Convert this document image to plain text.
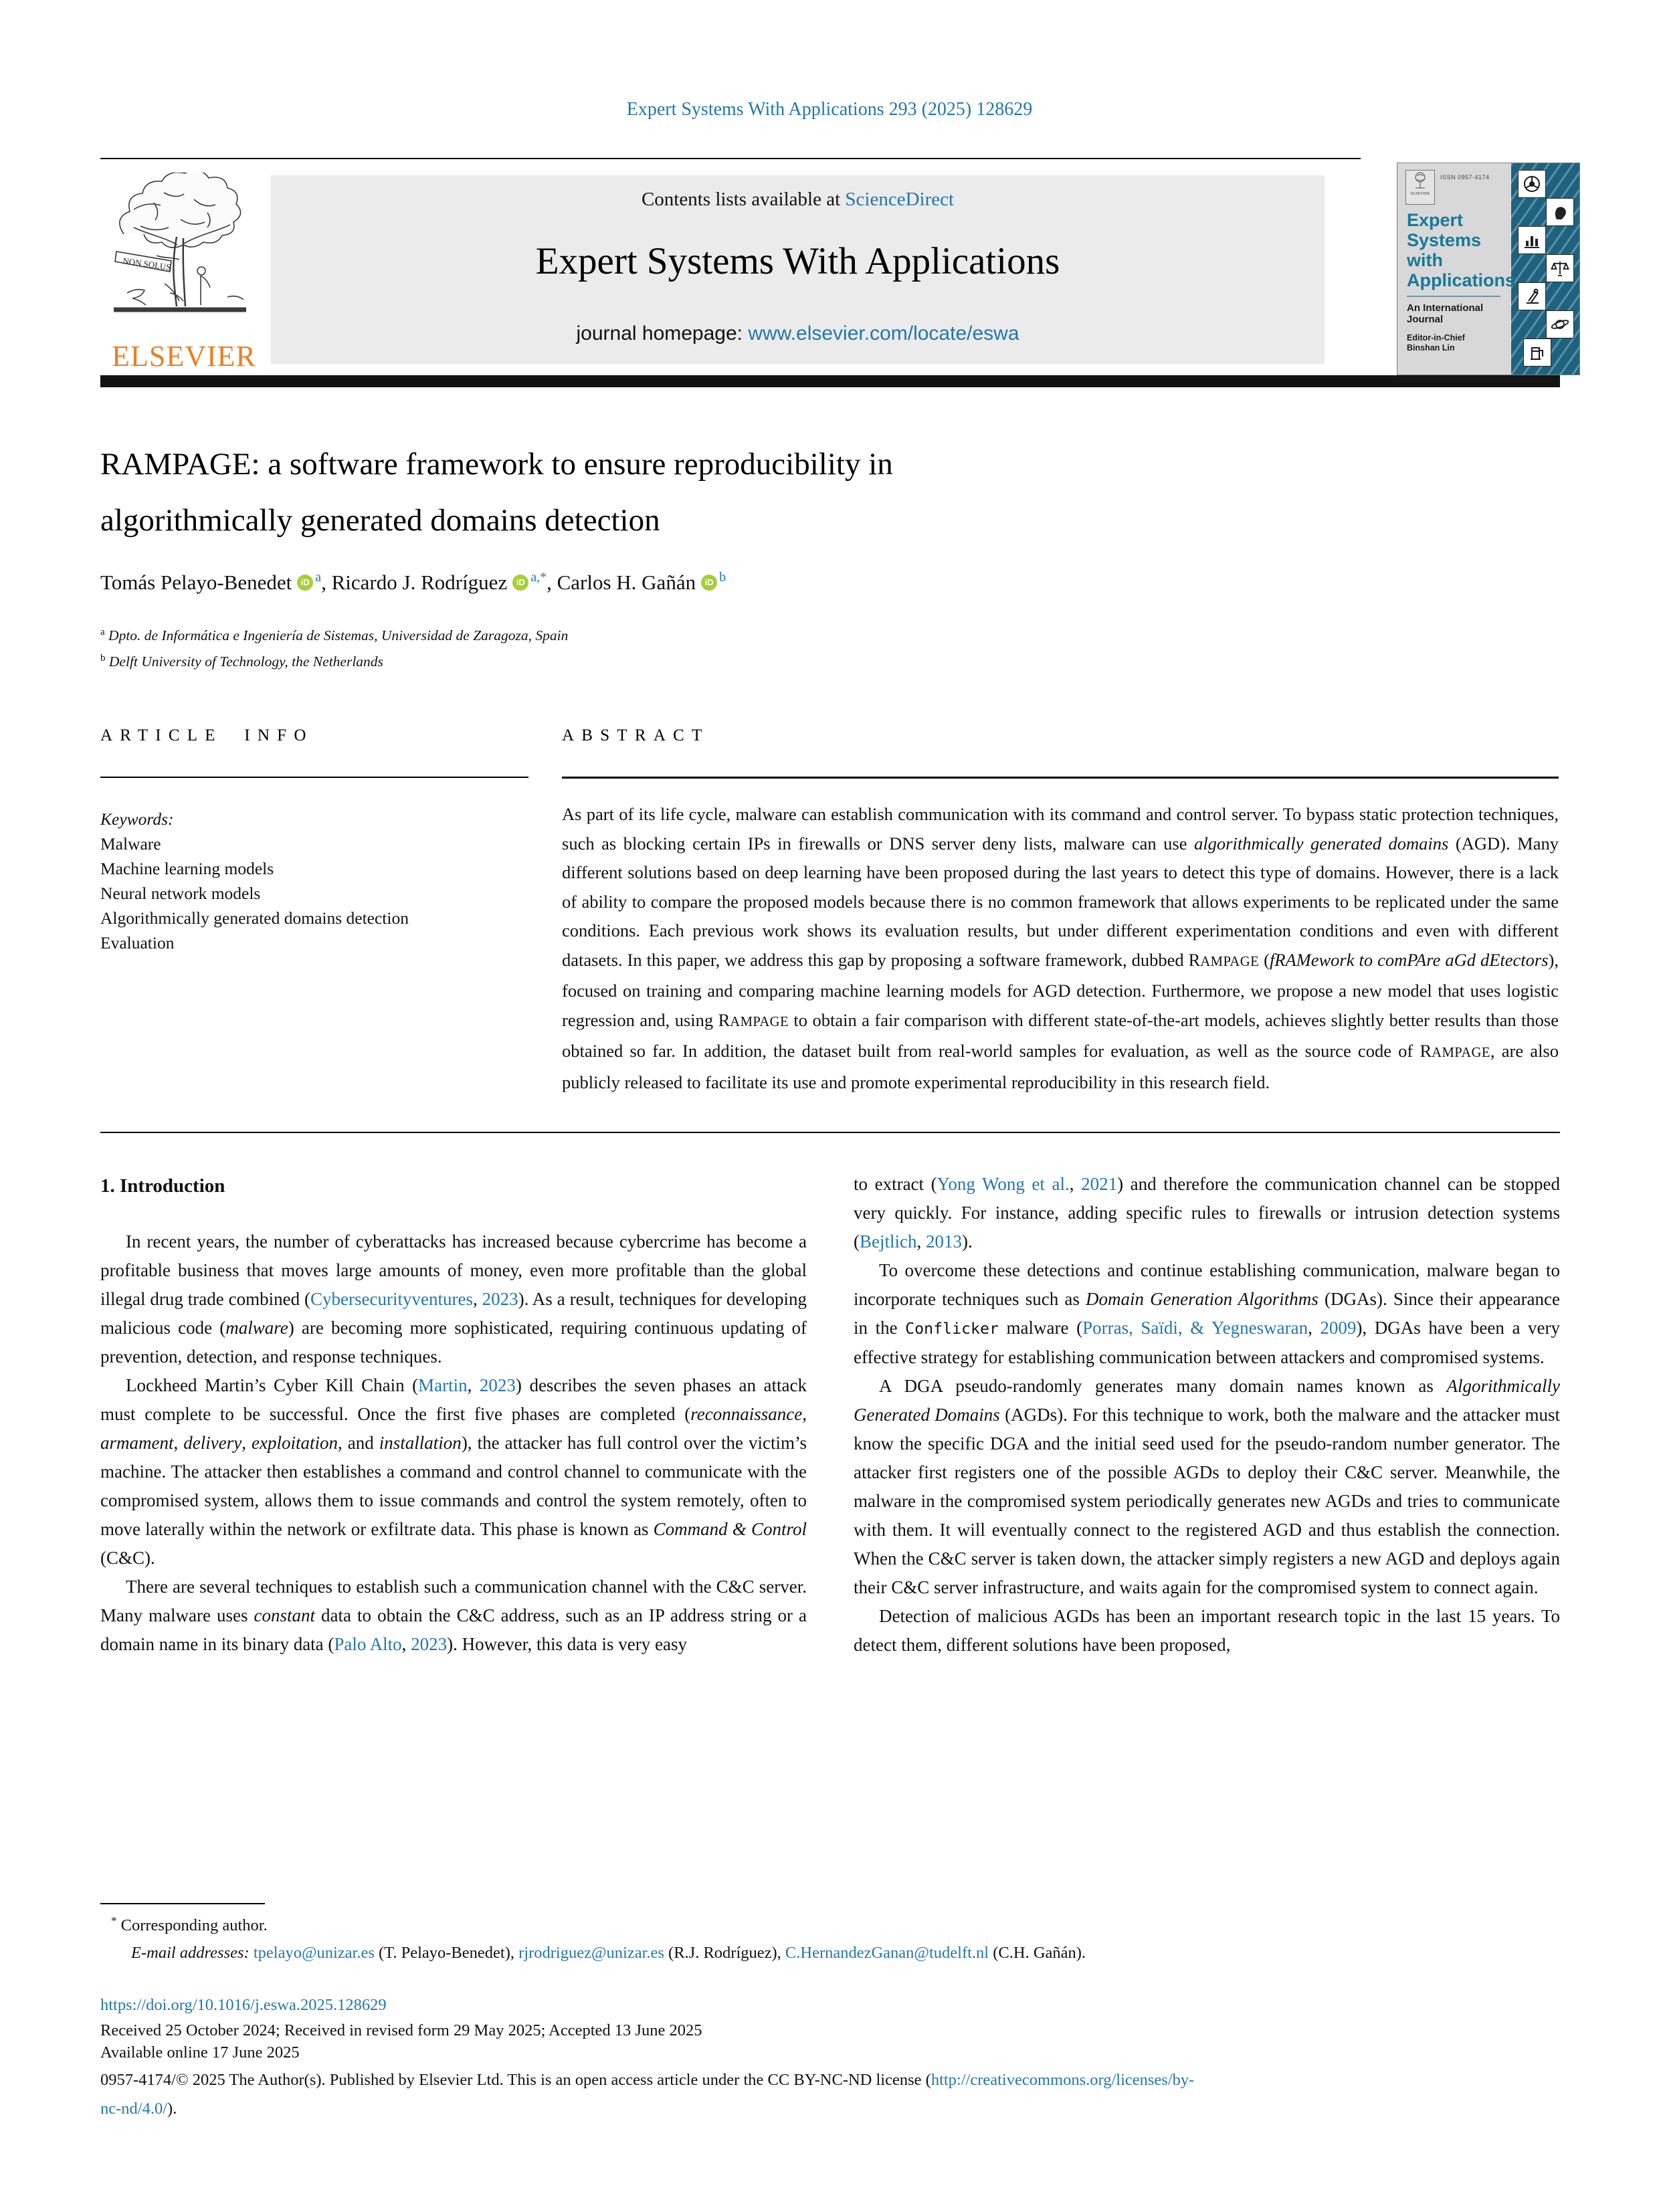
Expert Systems With Applications 293 (2025) 128629
NON SOLUS
ELSEVIER
Contents lists available at ScienceDirect
Expert Systems With Applications
journal homepage: www.elsevier.com/locate/eswa
ELSEVIER
ISSN 0957-4174
Expert
Systems
with
Applications
An International
Journal
Editor-in-Chief
Binshan Lin
RAMPAGE: a software framework to ensure reproducibility in
algorithmically generated domains detection
Tomás Pelayo-Benedet iD $^a$, Ricardo J. Rodríguez iD $^{a,*}$, Carlos H. Gañán iD $^b$
$^a$ Dpto. de Informática e Ingeniería de Sistemas, Universidad de Zaragoza, Spain
$^b$ Delft University of Technology, the Netherlands
ARTICLE INFO	ABSTRACT
Keywords:
Malware
Machine learning models
Neural network models
Algorithmically generated domains detection
Evaluation
As part of its life cycle, malware can establish communication with its command and control server. To bypass static protection techniques, such as blocking certain IPs in firewalls or DNS server deny lists, malware can use algorithmically generated domains (AGD). Many different solutions based on deep learning have been proposed during the last years to detect this type of domains. However, there is a lack of ability to compare the proposed models because there is no common framework that allows experiments to be replicated under the same conditions. Each previous work shows its evaluation results, but under different experimentation conditions and even with different datasets. In this paper, we address this gap by proposing a software framework, dubbed RAMPAGE (fRAMework to comPAre aGd dEtectors), focused on training and comparing machine learning models for AGD detection. Furthermore, we propose a new model that uses logistic regression and, using RAMPAGE to obtain a fair comparison with different state-of-the-art models, achieves slightly better results than those obtained so far. In addition, the dataset built from real-world samples for evaluation, as well as the source code of RAMPAGE, are also publicly released to facilitate its use and promote experimental reproducibility in this research field.
1. Introduction

In recent years, the number of cyberattacks has increased because cybercrime has become a profitable business that moves large amounts of money, even more profitable than the global illegal drug trade combined (Cybersecurityventures, 2023). As a result, techniques for developing malicious code (malware) are becoming more sophisticated, requiring continuous updating of prevention, detection, and response techniques.

Lockheed Martin’s Cyber Kill Chain (Martin, 2023) describes the seven phases an attack must complete to be successful. Once the first five phases are completed (reconnaissance, armament, delivery, exploitation, and installation), the attacker has full control over the victim’s machine. The attacker then establishes a command and control channel to communicate with the compromised system, allows them to issue commands and control the system remotely, often to move laterally within the network or exfiltrate data. This phase is known as Command & Control (C&C).

There are several techniques to establish such a communication channel with the C&C server. Many malware uses constant data to obtain the C&C address, such as an IP address string or a domain name in its binary data (Palo Alto, 2023). However, this data is very easy

to extract (Yong Wong et al., 2021) and therefore the communication channel can be stopped very quickly. For instance, adding specific rules to firewalls or intrusion detection systems (Bejtlich, 2013).

To overcome these detections and continue establishing communication, malware began to incorporate techniques such as Domain Generation Algorithms (DGAs). Since their appearance in the Conflicker malware (Porras, Saïdi, & Yegneswaran, 2009), DGAs have been a very effective strategy for establishing communication between attackers and compromised systems.

A DGA pseudo-randomly generates many domain names known as Algorithmically Generated Domains (AGDs). For this technique to work, both the malware and the attacker must know the specific DGA and the initial seed used for the pseudo-random number generator. The attacker first registers one of the possible AGDs to deploy their C&C server. Meanwhile, the malware in the compromised system periodically generates new AGDs and tries to communicate with them. It will eventually connect to the registered AGD and thus establish the connection. When the C&C server is taken down, the attacker simply registers a new AGD and deploys again their C&C server infrastructure, and waits again for the compromised system to connect again.

Detection of malicious AGDs has been an important research topic in the last 15 years. To detect them, different solutions have been proposed,

* Corresponding author.
E-mail addresses: tpelayo@unizar.es (T. Pelayo-Benedet), rjrodriguez@unizar.es (R.J. Rodríguez), C.HernandezGanan@tudelft.nl (C.H. Gañán).
https://doi.org/10.1016/j.eswa.2025.128629
Received 25 October 2024; Received in revised form 29 May 2025; Accepted 13 June 2025
Available online 17 June 2025
0957-4174/© 2025 The Author(s). Published by Elsevier Ltd. This is an open access article under the CC BY-NC-ND license (http://creativecommons.org/licenses/by-
nc-nd/4.0/).
